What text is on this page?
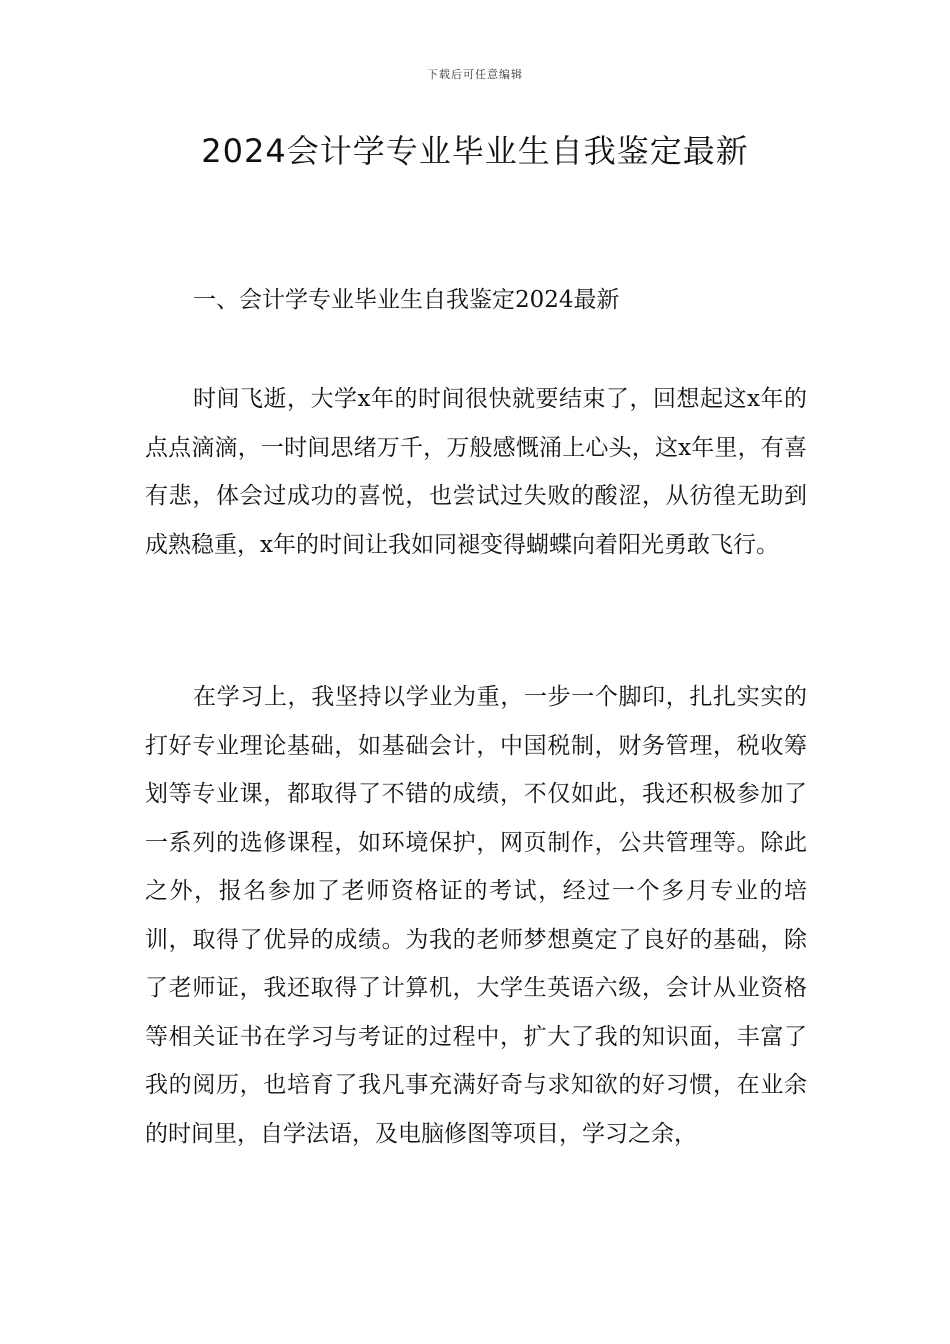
下载后可任意编辑
2024会计学专业毕业生自我鉴定最新
一、会计学专业毕业生自我鉴定2024最新

时间飞逝，大学x年的时间很快就要结束了，回想起这x年的点点滴滴，一时间思绪万千，万般感慨涌上心头，这x年里，有喜有悲，体会过成功的喜悦，也尝试过失败的酸涩，从彷徨无助到成熟稳重，x年的时间让我如同褪变得蝴蝶向着阳光勇敢飞行。

在学习上，我坚持以学业为重，一步一个脚印，扎扎实实的打好专业理论基础，如基础会计，中国税制，财务管理，税收筹划等专业课，都取得了不错的成绩，不仅如此，我还积极参加了一系列的选修课程，如环境保护，网页制作，公共管理等。除此之外，报名参加了老师资格证的考试，经过一个多月专业的培训，取得了优异的成绩。为我的老师梦想奠定了良好的基础，除了老师证，我还取得了计算机，大学生英语六级，会计从业资格等相关证书在学习与考证的过程中，扩大了我的知识面，丰富了我的阅历，也培育了我凡事充满好奇与求知欲的好习惯，在业余的时间里，自学法语，及电脑修图等项目，学习之余，
